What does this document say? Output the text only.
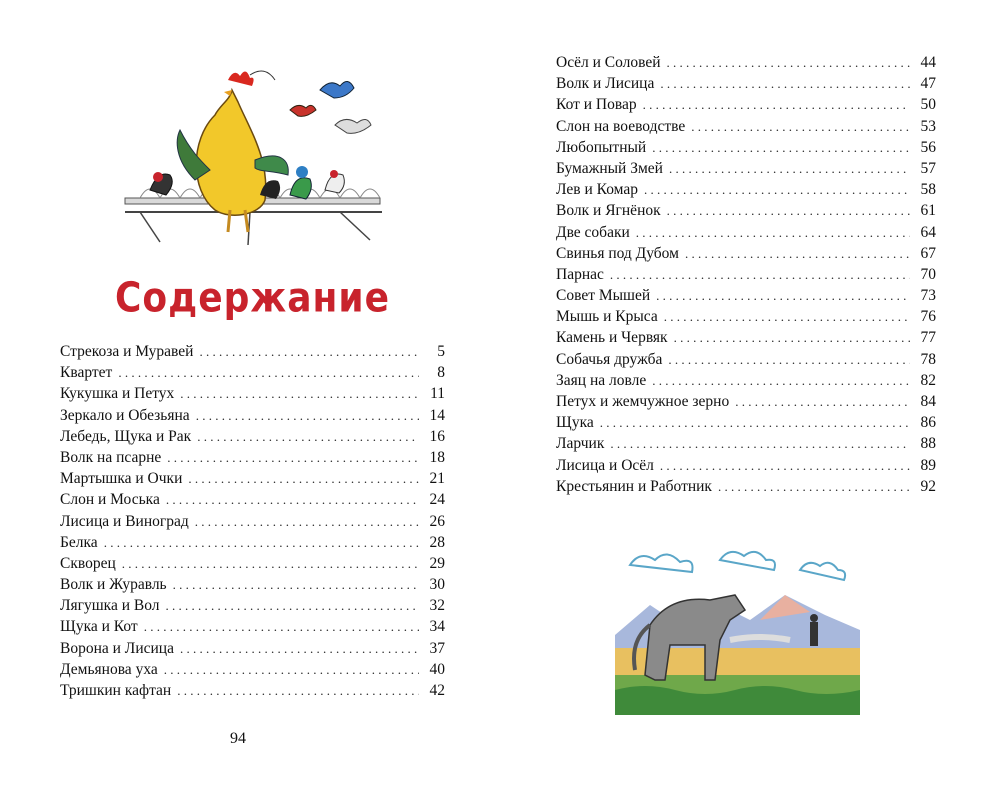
Содержание
Стрекоза и Муравей . . .	5
Квартет . . .	8
Кукушка и Петух . . .	11
Зеркало и Обезьяна . . .	14
Лебедь, Щука и Рак . . .	16
Волк на псарне . . .	18
Мартышка и Очки . . .	21
Слон и Моська . . .	24
Лисица и Виноград . . .	26
Белка . . .	28
Скворец . . .	29
Волк и Журавль . . .	30
Лягушка и Вол . . .	32
Щука и Кот . . .	34
Ворона и Лисица . . .	37
Демьянова уха . . .	40
Тришкин кафтан . . .	42

94

Осёл и Соловей . . .	44
Волк и Лисица . . .	47
Кот и Повар . . .	50
Слон на воеводстве . . .	53
Любопытный . . .	56
Бумажный Змей . . .	57
Лев и Комар . . .	58
Волк и Ягнёнок . . .	61
Две собаки . . .	64
Свинья под Дубом . . .	67
Парнас . . .	70
Совет Мышей . . .	73
Мышь и Крыса . . .	76
Камень и Червяк . . .	77
Собачья дружба . . .	78
Заяц на ловле . . .	82
Петух и жемчужное зерно . . .	84
Щука . . .	86
Ларчик . . .	88
Лисица и Осёл . . .	89
Крестьянин и Работник . . .	92
